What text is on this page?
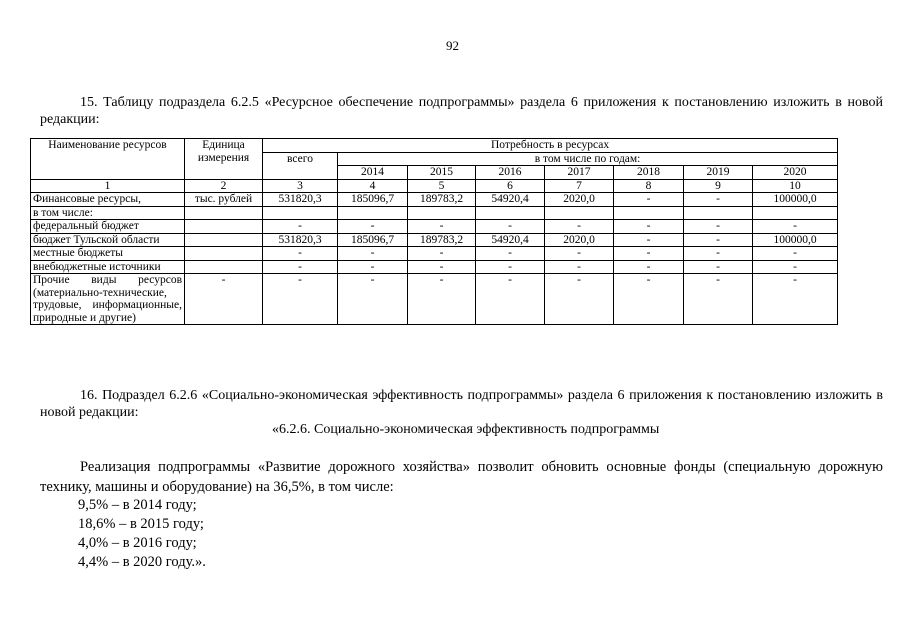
92

15. Таблицу подраздела 6.2.5 «Ресурсное обеспечение подпрограммы» раздела 6 приложения к постановлению изложить в новой редакции:

Наименование ресурсов	Единица измерения	Потребность в ресурсах							
		всего	в том числе по годам:						
			2014	2015	2016	2017	2018	2019	2020
1	2	3	4	5	6	7	8	9	10
Финансовые ресурсы,	тыс. рублей	531820,3	185096,7	189783,2	54920,4	2020,0	-	-	100000,0
в том числе:									
федеральный бюджет		-	-	-	-	-	-	-	-
бюджет Тульской области		531820,3	185096,7	189783,2	54920,4	2020,0	-	-	100000,0
местные бюджеты		-	-	-	-	-	-	-	-
внебюджетные источники		-	-	-	-	-	-	-	-
Прочие виды ресурсов (материально-технические, трудовые, информационные, природные и другие)	-	-	-	-	-	-	-	-	-

16. Подраздел 6.2.6 «Социально-экономическая эффективность подпрограммы» раздела 6 приложения к постановлению изложить в новой редакции:

«6.2.6. Социально-экономическая эффективность подпрограммы

Реализация подпрограммы «Развитие дорожного хозяйства» позволит обновить основные фонды (специальную дорожную технику, машины и оборудование) на 36,5%, в том числе:

9,5% – в 2014 году;

18,6% – в 2015 году;

4,0% – в 2016 году;

4,4% – в 2020 году.».
